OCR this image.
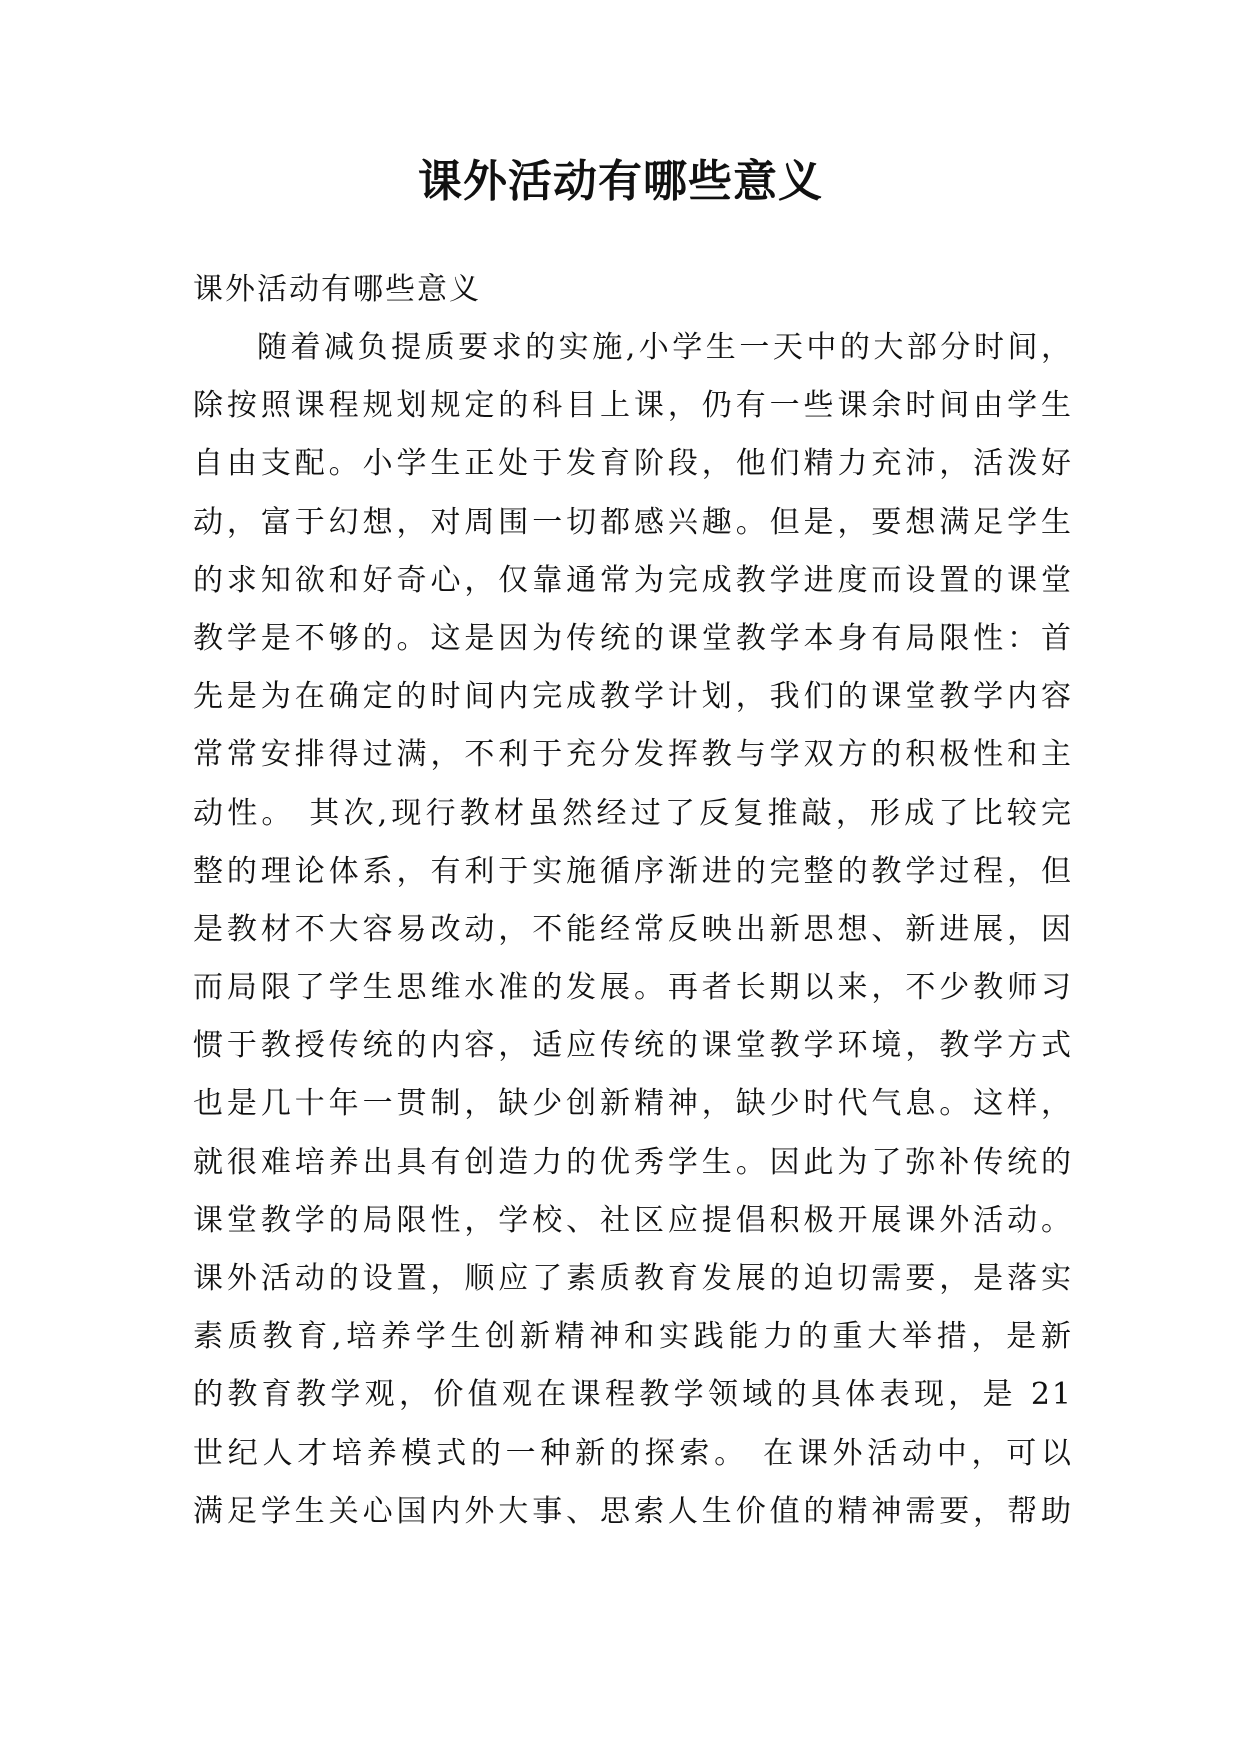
课外活动有哪些意义

课外活动有哪些意义

随着减负提质要求的实施,小学生一天中的大部分时间，
除按照课程规划规定的科目上课，仍有一些课余时间由学生
自由支配。小学生正处于发育阶段，他们精力充沛，活泼好
动，富于幻想，对周围一切都感兴趣。但是，要想满足学生
的求知欲和好奇心，仅靠通常为完成教学进度而设置的课堂
教学是不够的。这是因为传统的课堂教学本身有局限性：首
先是为在确定的时间内完成教学计划，我们的课堂教学内容
常常安排得过满，不利于充分发挥教与学双方的积极性和主
动性。 其次,现行教材虽然经过了反复推敲，形成了比较完
整的理论体系，有利于实施循序渐进的完整的教学过程，但
是教材不大容易改动，不能经常反映出新思想、新进展，因
而局限了学生思维水准的发展。再者长期以来，不少教师习
惯于教授传统的内容，适应传统的课堂教学环境，教学方式
也是几十年一贯制，缺少创新精神，缺少时代气息。这样，
就很难培养出具有创造力的优秀学生。因此为了弥补传统的
课堂教学的局限性，学校、社区应提倡积极开展课外活动。
课外活动的设置，顺应了素质教育发展的迫切需要，是落实
素质教育,培养学生创新精神和实践能力的重大举措，是新
的教育教学观，价值观在课程教学领域的具体表现，是 21
世纪人才培养模式的一种新的探索。 在课外活动中，可以
满足学生关心国内外大事、思索人生价值的精神需要，帮助
